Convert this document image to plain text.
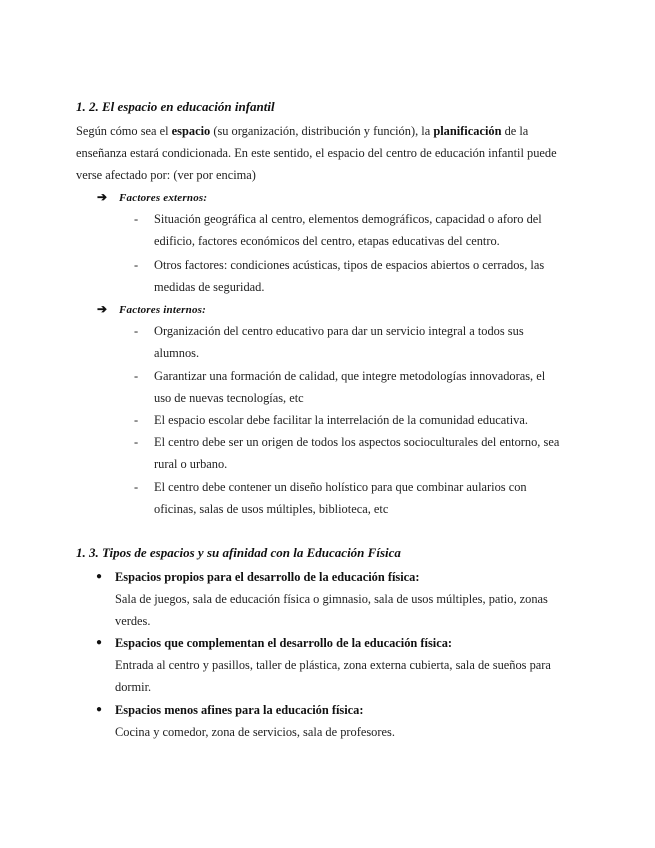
1. 2. El espacio en educación infantil
Según cómo sea el espacio (su organización, distribución y función), la planificación de la
enseñanza estará condicionada. En este sentido, el espacio del centro de educación infantil puede
verse afectado por: (ver por encima)
➔ Factores externos:
-	Situación geográfica al centro, elementos demográficos, capacidad o aforo del
edificio, factores económicos del centro, etapas educativas del centro.
-	Otros factores: condiciones acústicas, tipos de espacios abiertos o cerrados, las
medidas de seguridad.
➔ Factores internos:
-	Organización del centro educativo para dar un servicio integral a todos sus
alumnos.
-	Garantizar una formación de calidad, que integre metodologías innovadoras, el
uso de nuevas tecnologías, etc
-	El espacio escolar debe facilitar la interrelación de la comunidad educativa.
-	El centro debe ser un origen de todos los aspectos socioculturales del entorno, sea
rural o urbano.
-	El centro debe contener un diseño holístico para que combinar aularios con
oficinas, salas de usos múltiples, biblioteca, etc
1. 3. Tipos de espacios y su afinidad con la Educación Física
●	Espacios propios para el desarrollo de la educación física:
Sala de juegos, sala de educación física o gimnasio, sala de usos múltiples, patio, zonas
verdes.
●	Espacios que complementan el desarrollo de la educación física:
Entrada al centro y pasillos, taller de plástica, zona externa cubierta, sala de sueños para
dormir.
●	Espacios menos afines para la educación física:
Cocina y comedor, zona de servicios, sala de profesores.
